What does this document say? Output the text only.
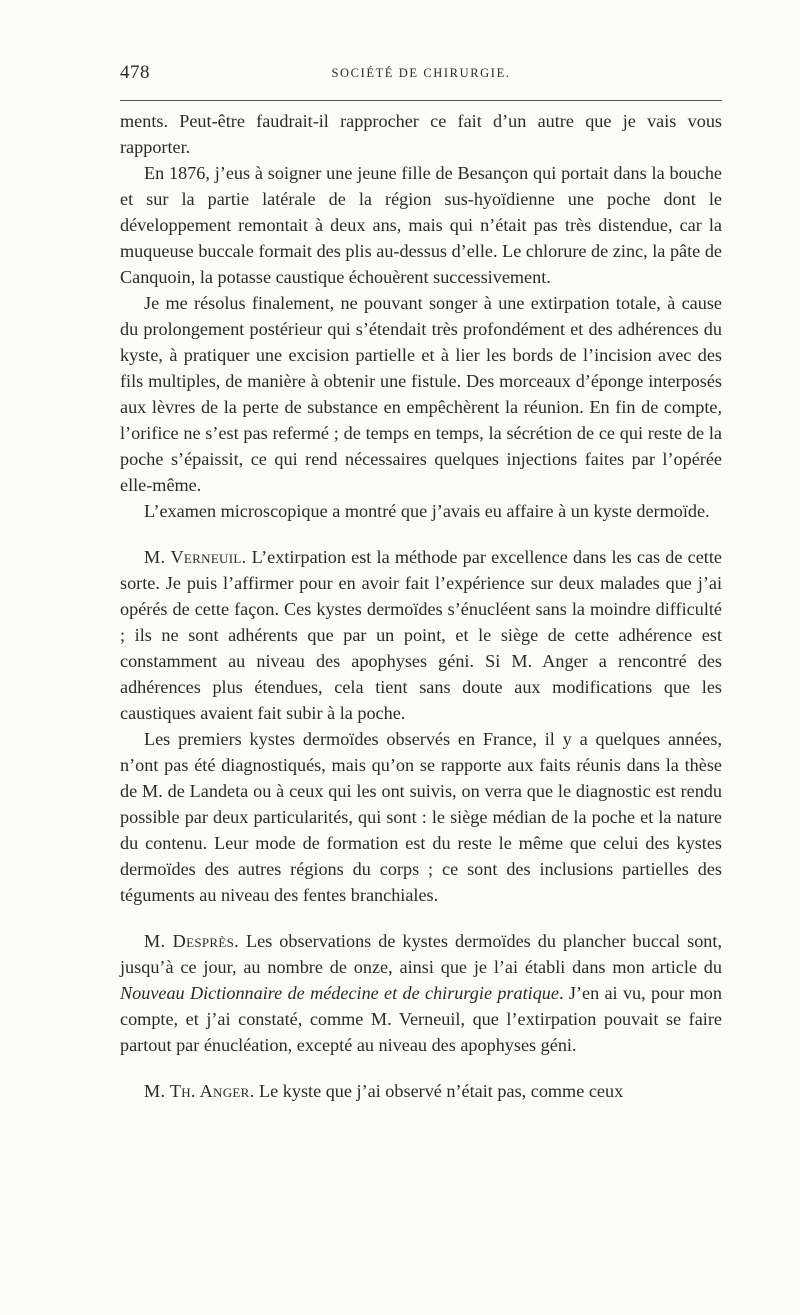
478	SOCIÉTÉ DE CHIRURGIE.

ments. Peut-être faudrait-il rapprocher ce fait d’un autre que je vais vous rapporter.

En 1876, j’eus à soigner une jeune fille de Besançon qui portait dans la bouche et sur la partie latérale de la région sus-hyoïdienne une poche dont le développement remontait à deux ans, mais qui n’était pas très distendue, car la muqueuse buccale formait des plis au-dessus d’elle. Le chlorure de zinc, la pâte de Canquoin, la potasse caustique échouèrent successivement.

Je me résolus finalement, ne pouvant songer à une extirpation totale, à cause du prolongement postérieur qui s’étendait très profondément et des adhérences du kyste, à pratiquer une excision partielle et à lier les bords de l’incision avec des fils multiples, de manière à obtenir une fistule. Des morceaux d’éponge interposés aux lèvres de la perte de substance en empêchèrent la réunion. En fin de compte, l’orifice ne s’est pas refermé ; de temps en temps, la sécrétion de ce qui reste de la poche s’épaissit, ce qui rend nécessaires quelques injections faites par l’opérée elle-même.

L’examen microscopique a montré que j’avais eu affaire à un kyste dermoïde.

M. Verneuil. L’extirpation est la méthode par excellence dans les cas de cette sorte. Je puis l’affirmer pour en avoir fait l’expérience sur deux malades que j’ai opérés de cette façon. Ces kystes dermoïdes s’énucléent sans la moindre difficulté ; ils ne sont adhérents que par un point, et le siège de cette adhérence est constamment au niveau des apophyses géni. Si M. Anger a rencontré des adhérences plus étendues, cela tient sans doute aux modifications que les caustiques avaient fait subir à la poche.

Les premiers kystes dermoïdes observés en France, il y a quelques années, n’ont pas été diagnostiqués, mais qu’on se rapporte aux faits réunis dans la thèse de M. de Landeta ou à ceux qui les ont suivis, on verra que le diagnostic est rendu possible par deux particularités, qui sont : le siège médian de la poche et la nature du contenu. Leur mode de formation est du reste le même que celui des kystes dermoïdes des autres régions du corps ; ce sont des inclusions partielles des téguments au niveau des fentes branchiales.

M. Desprès. Les observations de kystes dermoïdes du plancher buccal sont, jusqu’à ce jour, au nombre de onze, ainsi que je l’ai établi dans mon article du Nouveau Dictionnaire de médecine et de chirurgie pratique. J’en ai vu, pour mon compte, et j’ai constaté, comme M. Verneuil, que l’extirpation pouvait se faire partout par énucléation, excepté au niveau des apophyses géni.

M. Th. Anger. Le kyste que j’ai observé n’était pas, comme ceux
